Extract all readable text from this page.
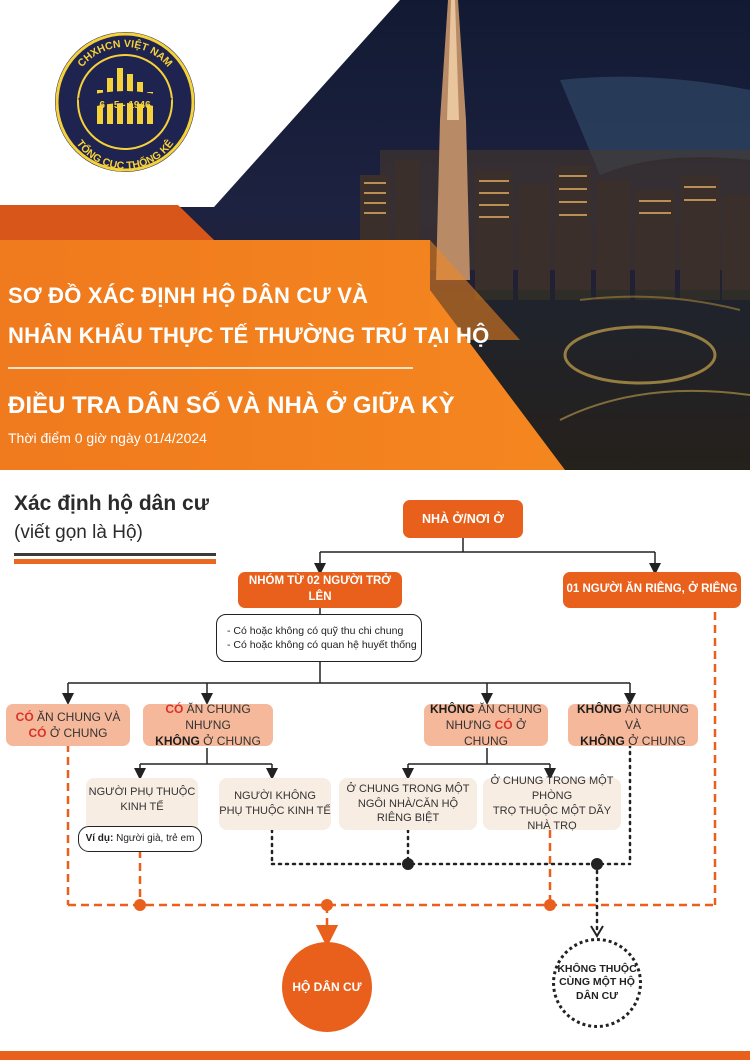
CHXHCN VIỆT NAM
TỔNG CỤC THỐNG KÊ
6 - 5 - 1946
SƠ ĐỒ XÁC ĐỊNH HỘ DÂN CƯ VÀ
NHÂN KHẨU THỰC TẾ THƯỜNG TRÚ TẠI HỘ
ĐIỀU TRA DÂN SỐ VÀ NHÀ Ở GIỮA KỲ
Thời điểm 0 giờ ngày 01/4/2024
Xác định hộ dân cư
(viết gọn là Hộ)
NHÀ Ở/NƠI Ở
NHÓM TỪ 02 NGƯỜI TRỞ LÊN
01 NGƯỜI ĂN RIÊNG, Ở RIÊNG
- Có hoặc không có quỹ thu chi chung
- Có hoặc không có quan hệ huyết thống
CÓ ĂN CHUNG VÀ
CÓ Ở CHUNG
CÓ ĂN CHUNG NHƯNG
KHÔNG Ở CHUNG
KHÔNG ĂN CHUNG
NHƯNG CÓ Ở CHUNG
KHÔNG ĂN CHUNG VÀ
KHÔNG Ở CHUNG
NGƯỜI PHỤ THUỘC
KINH TẾ
Ví dụ: Người già, trẻ em
NGƯỜI KHÔNG
PHỤ THUỘC KINH TẾ
Ở CHUNG TRONG MỘT
NGÔI NHÀ/CĂN HỘ RIÊNG BIỆT
Ở CHUNG TRONG MỘT PHÒNG
TRỌ THUỘC MỘT DÃY NHÀ TRỌ
HỘ DÂN CƯ
KHÔNG THUỘC
CÙNG MỘT HỘ
DÂN CƯ
